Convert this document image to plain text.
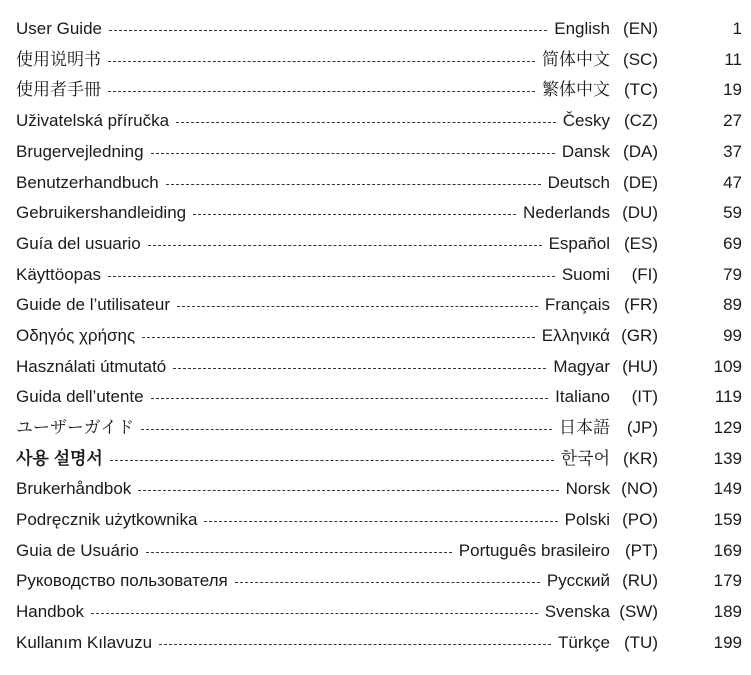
User Guide	English (EN)	1
使用说明书	简体中文 (SC)	11
使用者手冊	繁体中文 (TC)	19
Uživatelská příručka	Česky (CZ)	27
Brugervejledning	Dansk (DA)	37
Benutzerhandbuch	Deutsch (DE)	47
Gebruikershandleiding	Nederlands (DU)	59
Guía del usuario	Español (ES)	69
Käyttöopas	Suomi	(FI)	79
Guide de l’utilisateur	Français (FR)	89
Οδηγός χρήσης	Ελληνικά (GR)	99
Használati útmutató	Magyar (HU)	109
Guida dell’utente	Italiano	(IT)	119
ユーザーガイド	日本語 (JP)	129
사용 설명서	한국어 (KR)	139
Brukerhåndbok	Norsk (NO)	149
Podręcznik użytkownika	Polski (PO)	159
Guia de Usuário	Português brasileiro (PT)	169
Руководство пользователя	Русский (RU)	179
Handbok	Svenska (SW)	189
Kullanım Kılavuzu	Türkçe (TU)	199
